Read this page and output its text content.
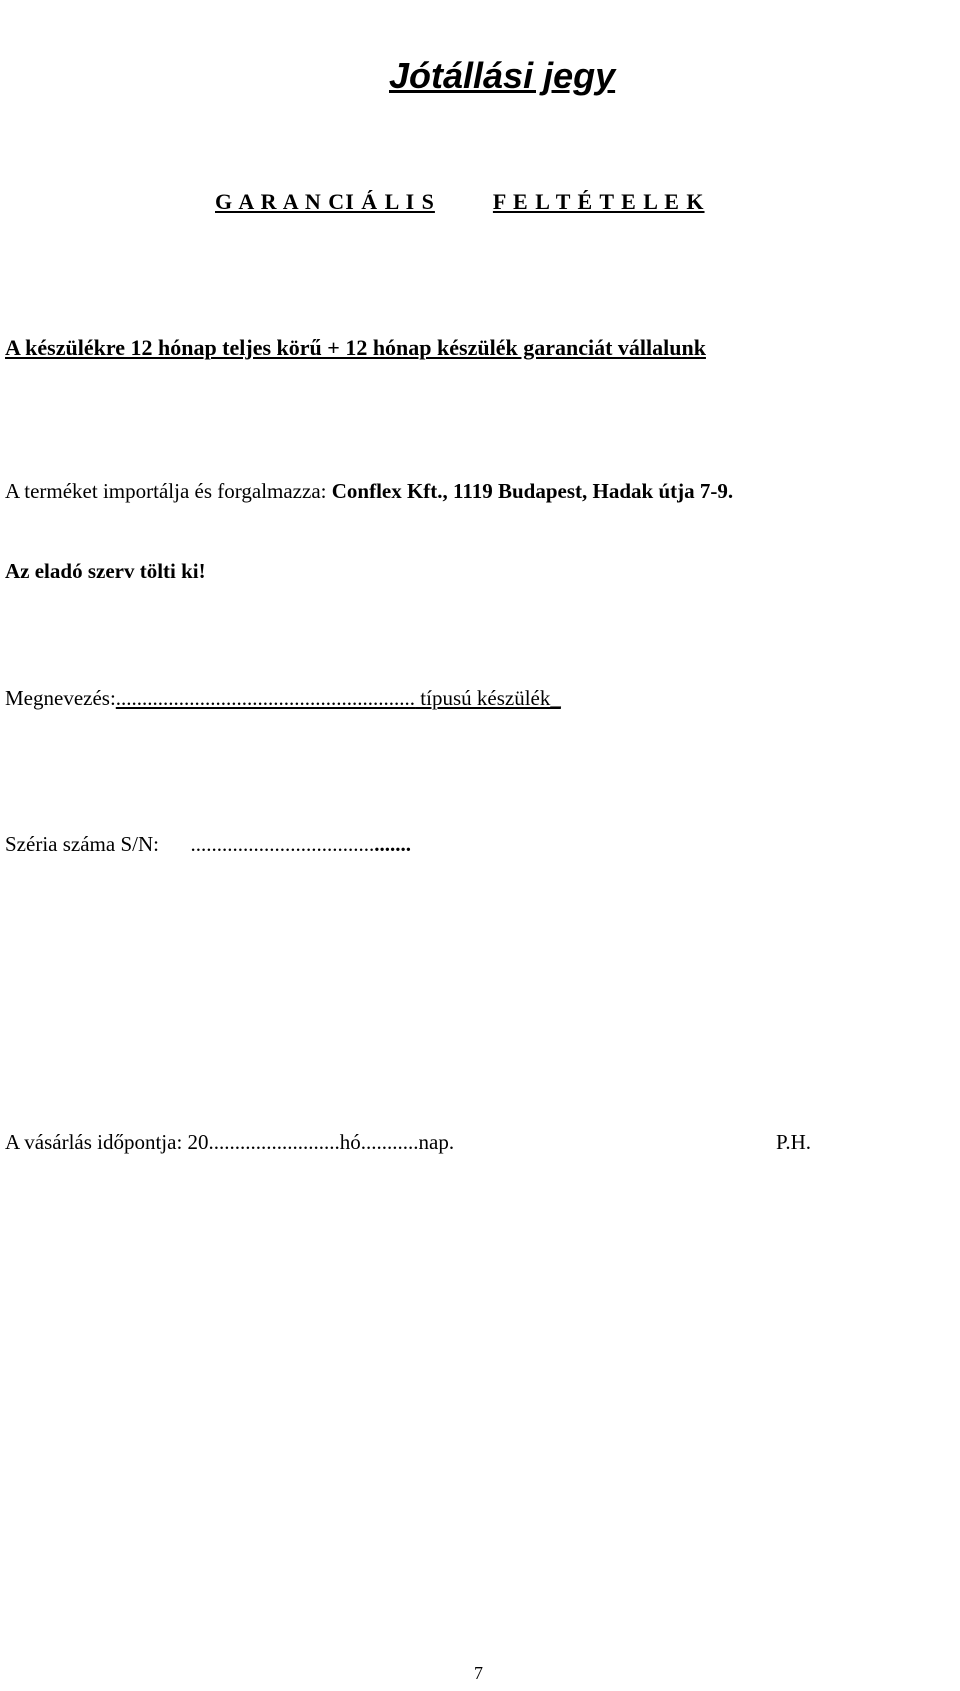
Jótállási jegy
G A R A N CI Á L I S	F E L T É T E L E K
A készülékre 12 hónap teljes körű + 12 hónap készülék garanciát vállalunk
A terméket importálja és forgalmazza: Conflex Kft., 1119 Budapest, Hadak útja 7-9.
Az eladó szerv tölti ki!
Megnevezés:......................................................... típusú készülék_
Széria száma S/N:      ..........................................
A vásárlás időpontja: 20.........................hó...........nap.	P.H.
7
